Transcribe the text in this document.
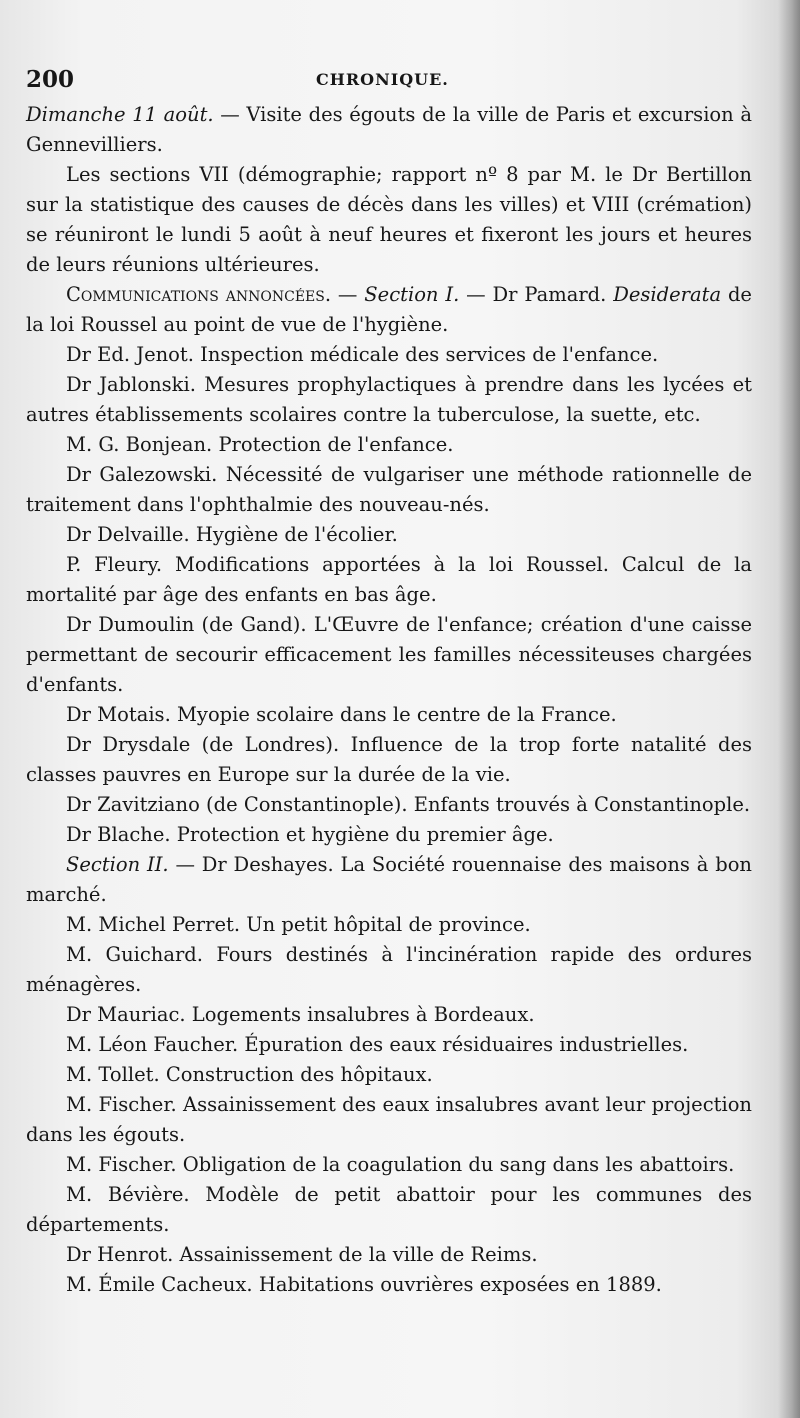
200	CHRONIQUE.

Dimanche 11 août. — Visite des égouts de la ville de Paris et excursion à Gennevilliers.

Les sections VII (démographie; rapport nº 8 par M. le Dr Bertillon sur la statistique des causes de décès dans les villes) et VIII (crémation) se réuniront le lundi 5 août à neuf heures et fixeront les jours et heures de leurs réunions ultérieures.

Communications annoncées. — Section I. — Dr Pamard. Desiderata de la loi Roussel au point de vue de l'hygiène.

Dr Ed. Jenot. Inspection médicale des services de l'enfance.

Dr Jablonski. Mesures prophylactiques à prendre dans les lycées et autres établissements scolaires contre la tuberculose, la suette, etc.

M. G. Bonjean. Protection de l'enfance.

Dr Galezowski. Nécessité de vulgariser une méthode rationnelle de traitement dans l'ophthalmie des nouveau-nés.

Dr Delvaille. Hygiène de l'écolier.

P. Fleury. Modifications apportées à la loi Roussel. Calcul de la mortalité par âge des enfants en bas âge.

Dr Dumoulin (de Gand). L'Œuvre de l'enfance; création d'une caisse permettant de secourir efficacement les familles nécessiteuses chargées d'enfants.

Dr Motais. Myopie scolaire dans le centre de la France.

Dr Drysdale (de Londres). Influence de la trop forte natalité des classes pauvres en Europe sur la durée de la vie.

Dr Zavitziano (de Constantinople). Enfants trouvés à Constantinople.

Dr Blache. Protection et hygiène du premier âge.

Section II. — Dr Deshayes. La Société rouennaise des maisons à bon marché.

M. Michel Perret. Un petit hôpital de province.

M. Guichard. Fours destinés à l'incinération rapide des ordures ménagères.

Dr Mauriac. Logements insalubres à Bordeaux.

M. Léon Faucher. Épuration des eaux résiduaires industrielles.

M. Tollet. Construction des hôpitaux.

M. Fischer. Assainissement des eaux insalubres avant leur projection dans les égouts.

M. Fischer. Obligation de la coagulation du sang dans les abattoirs.

M. Bévière. Modèle de petit abattoir pour les communes des départements.

Dr Henrot. Assainissement de la ville de Reims.

M. Émile Cacheux. Habitations ouvrières exposées en 1889.
